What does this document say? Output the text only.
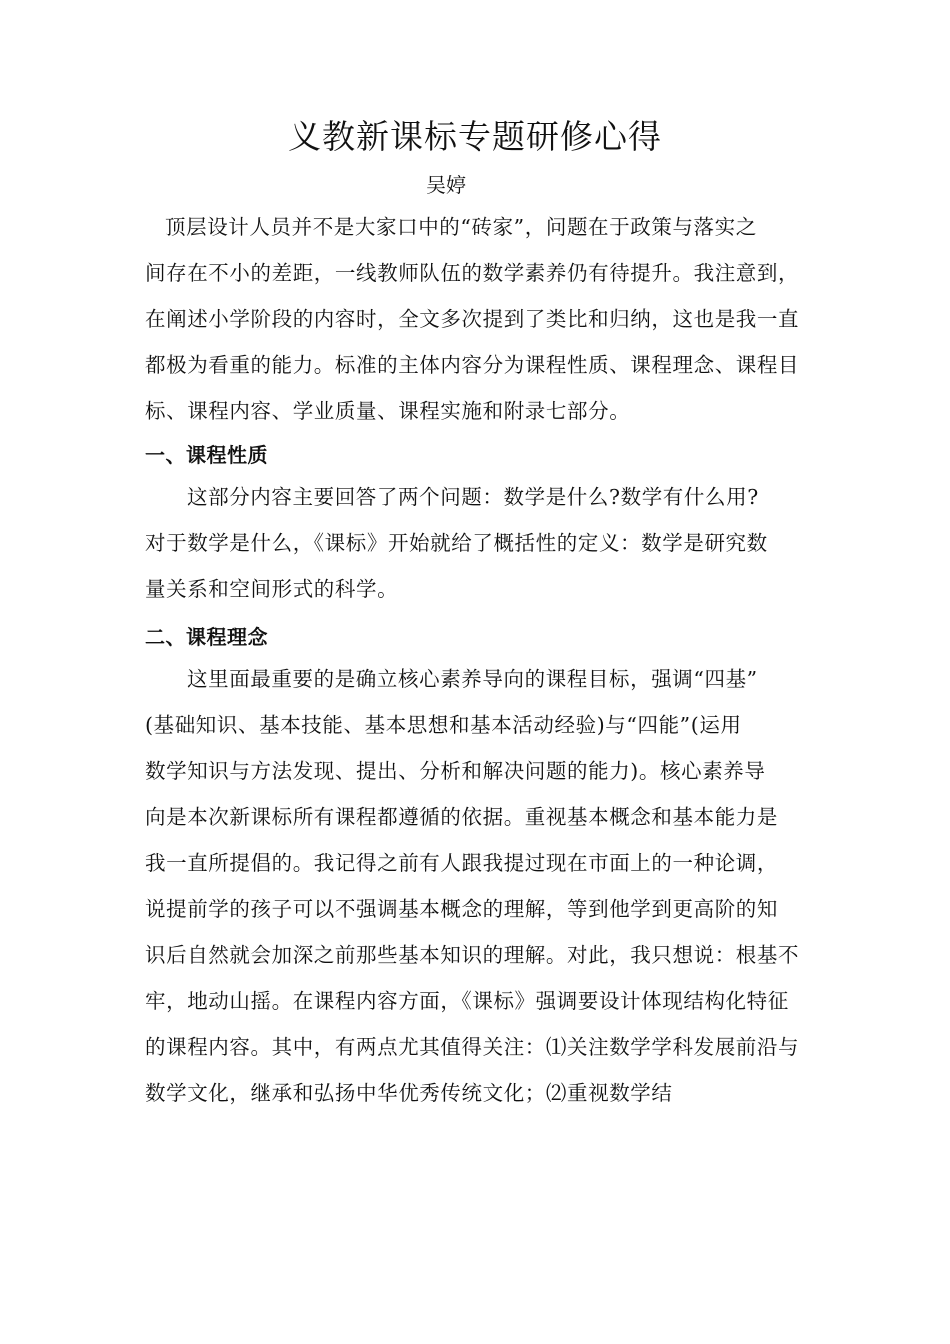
义教新课标专题研修心得

吴婷

顶层设计人员并不是大家口中的“砖家”，问题在于政策与落实之
间存在不小的差距，一线教师队伍的数学素养仍有待提升。我注意到，
在阐述小学阶段的内容时，全文多次提到了类比和归纳，这也是我一直
都极为看重的能力。标准的主体内容分为课程性质、课程理念、课程目
标、课程内容、学业质量、课程实施和附录七部分。
一、课程性质
这部分内容主要回答了两个问题：数学是什么?数学有什么用?
对于数学是什么，《课标》开始就给了概括性的定义：数学是研究数
量关系和空间形式的科学。
二、课程理念
这里面最重要的是确立核心素养导向的课程目标，强调“四基”
(基础知识、基本技能、基本思想和基本活动经验)与“四能”(运用
数学知识与方法发现、提出、分析和解决问题的能力)。核心素养导
向是本次新课标所有课程都遵循的依据。重视基本概念和基本能力是
我一直所提倡的。我记得之前有人跟我提过现在市面上的一种论调，
说提前学的孩子可以不强调基本概念的理解，等到他学到更高阶的知
识后自然就会加深之前那些基本知识的理解。对此，我只想说：根基不
牢，地动山摇。在课程内容方面，《课标》强调要设计体现结构化特征
的课程内容。其中，有两点尤其值得关注：⑴关注数学学科发展前沿与
数学文化，继承和弘扬中华优秀传统文化；⑵重视数学结
